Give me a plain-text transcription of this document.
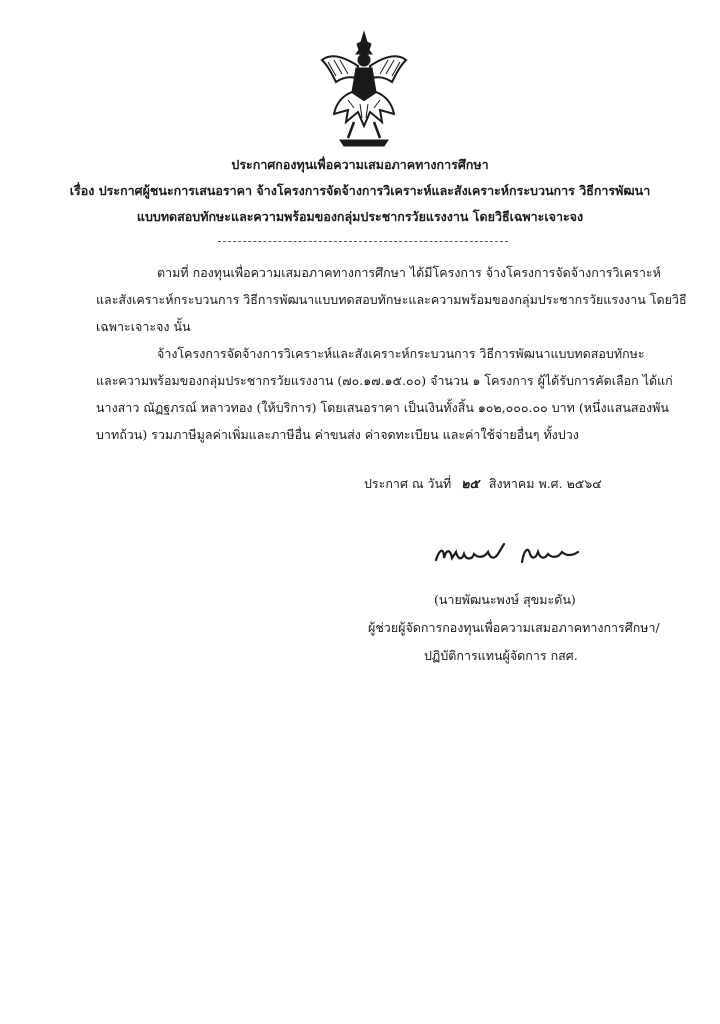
ประกาศกองทุนเพื่อความเสมอภาคทางการศึกษา
เรื่อง ประกาศผู้ชนะการเสนอราคา จ้างโครงการจัดจ้างการวิเคราะห์และสังเคราะห์กระบวนการ วิธีการพัฒนา
แบบทดสอบทักษะและความพร้อมของกลุ่มประชากรวัยแรงงาน โดยวิธีเฉพาะเจาะจง
ตามที่ กองทุนเพื่อความเสมอภาคทางการศึกษา ได้มีโครงการ จ้างโครงการจัดจ้างการวิเคราะห์
และสังเคราะห์กระบวนการ วิธีการพัฒนาแบบทดสอบทักษะและความพร้อมของกลุ่มประชากรวัยแรงงาน โดยวิธี
เฉพาะเจาะจง นั้น
จ้างโครงการจัดจ้างการวิเคราะห์และสังเคราะห์กระบวนการ วิธีการพัฒนาแบบทดสอบทักษะ
และความพร้อมของกลุ่มประชากรวัยแรงงาน (๗๐.๑๗.๑๕.๐๐) จำนวน ๑ โครงการ ผู้ได้รับการคัดเลือก ได้แก่
นางสาว ณัฏฐภรณ์ หลาวทอง (ให้บริการ) โดยเสนอราคา เป็นเงินทั้งสิ้น ๑๐๒,๐๐๐.๐๐ บาท (หนึ่งแสนสองพัน
บาทถ้วน) รวมภาษีมูลค่าเพิ่มและภาษีอื่น ค่าขนส่ง ค่าจดทะเบียน และค่าใช้จ่ายอื่นๆ ทั้งปวง
ประกาศ ณ วันที่ ๒๕ สิงหาคม พ.ศ. ๒๕๖๔
(นายพัฒนะพงษ์ สุขมะดัน)
ผู้ช่วยผู้จัดการกองทุนเพื่อความเสมอภาคทางการศึกษา/
ปฏิบัติการแทนผู้จัดการ กสศ.
